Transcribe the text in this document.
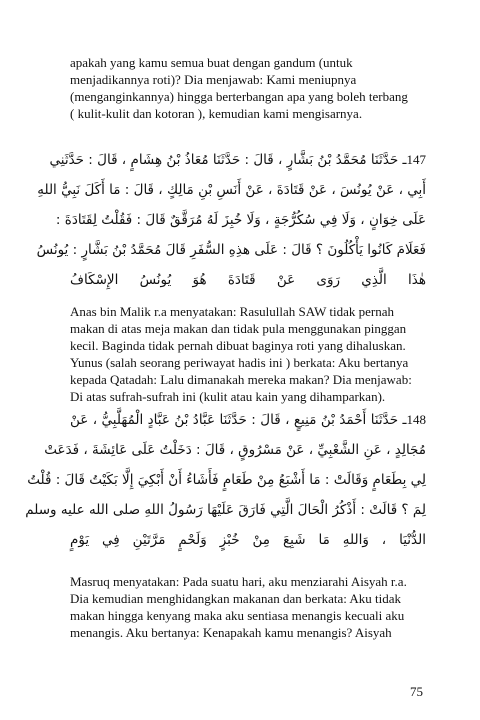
apakah yang kamu semua buat dengan gandum (untuk
menjadikannya roti)? Dia menjawab: Kami meniupnya
(menganginkannya) hingga berterbangan apa yang boleh terbang
( kulit-kulit dan kotoran ), kemudian kami mengisarnya.
147ـ حَدَّثَنَا مُحَمَّدُ بْنُ بَشَّارٍ ، قَالَ : حَدَّثَنَا مُعَاذُ بْنُ هِشَامٍ ، قَالَ : حَدَّثَنِي
أَبِي ، عَنْ يُونُسَ ، عَنْ قَتَادَةَ ، عَنْ أَنَسِ بْنِ مَالِكٍ ، قَالَ : مَا أَكَلَ نَبِيُّ اللهِ
عَلَى خِوَانٍ ، وَلَا فِي سُكُرُّجَةٍ ، وَلَا خُبِزَ لَهُ مُرَقَّقٌ قَالَ : فَقُلْتُ لِقَتَادَةَ :
فَعَلَامَ كَانُوا يَأْكُلُونَ ؟ قَالَ : عَلَى هذِهِ السُّفَرِ قَالَ مُحَمَّدُ بْنُ بَشَّارٍ : يُونُسُ
هٰذَا الَّذِي رَوَى عَنْ قَتَادَةَ هُوَ يُونُسُ الإِسْكَافُ
Anas bin Malik r.a menyatakan: Rasulullah SAW tidak pernah
makan di atas meja makan dan tidak pula menggunakan pinggan
kecil. Baginda tidak pernah dibuat baginya roti yang dihaluskan.
Yunus (salah seorang periwayat hadis ini ) berkata: Aku bertanya
kepada Qatadah: Lalu dimanakah mereka makan? Dia menjawab:
Di atas sufrah-sufrah ini (kulit atau kain yang dihamparkan).
148ـ حَدَّثَنَا أَحْمَدُ بْنُ مَنِيعٍ ، قَالَ : حَدَّثَنَا عَبَّادُ بْنُ عَبَّادٍ الْمُهَلَّبِيُّ ، عَنْ
مُجَالِدٍ ، عَنِ الشَّعْبِيِّ ، عَنْ مَسْرُوقٍ ، قَالَ : دَخَلْتُ عَلَى عَائِشَةَ ، فَدَعَتْ
لِي بِطَعَامٍ وَقَالَتْ : مَا أَشْبَعُ مِنْ طَعَامٍ فَأَشَاءُ أَنْ أَبْكِيَ إِلَّا بَكَيْتُ قَالَ : قُلْتُ
لِمَ ؟ قَالَتْ : أَذْكُرُ الْحَالَ الَّتِي فَارَقَ عَلَيْهَا رَسُولُ اللهِ صلى الله عليه وسلم
الدُّنْيَا ، وَاللهِ مَا شَبِعَ مِنْ خُبْزٍ وَلَحْمٍ مَرَّتَيْنِ فِي يَوْمٍ
Masruq menyatakan: Pada suatu hari, aku menziarahi Aisyah r.a.
Dia kemudian menghidangkan makanan dan berkata: Aku tidak
makan hingga kenyang maka aku sentiasa menangis kecuali aku
menangis. Aku bertanya: Kenapakah kamu menangis? Aisyah
75
